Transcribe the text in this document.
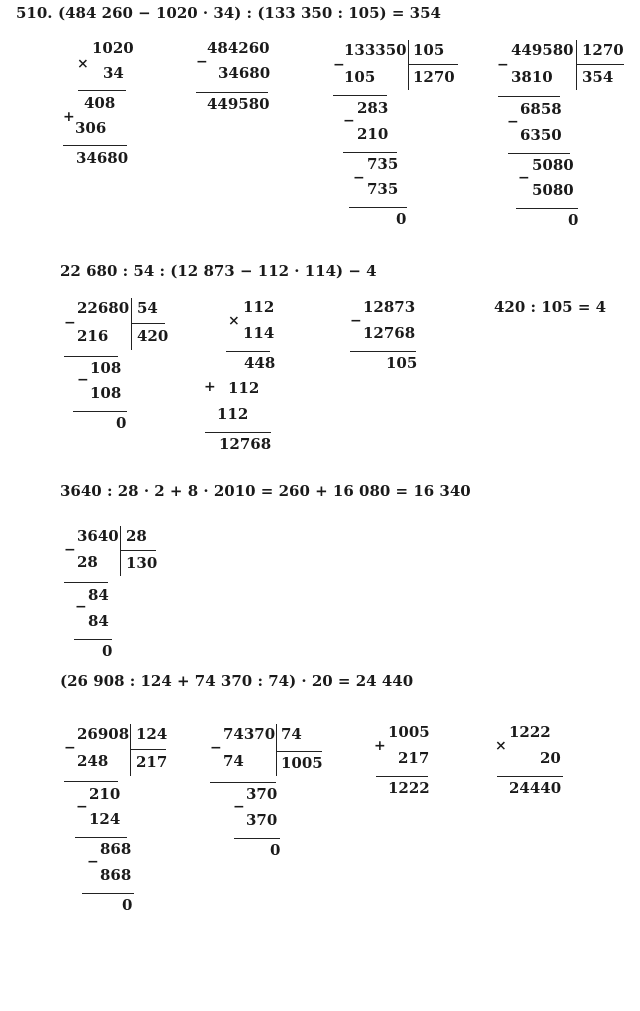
510. (484 260 − 1020 · 34) : (133 350 : 105) = 354
×
1020
34
408
+
306
34680
−
484260
34680
449580
−
133350 105
1270
105
283
−
210
735
−
735
0
−
449580 1270
354
3810
6858
−
6350
5080
−
5080
0
22 680 : 54 : (12 873 − 112 · 114) − 4
−
22680 54
420
216
108
−
108
0
×
112
114
448
+ 112
112
12768
−
12873
12768
105
420 : 105 = 4
3640 : 28 · 2 + 8 · 2010 = 260 + 16 080 = 16 340
−
3640 28
130
28
84
−
84
0
(26 908 : 124 + 74 370 : 74) · 20 = 24 440
−
26908 124
217
248
210
−
124
868
−
868
0
−
74370 74
1005
74
370
−
370
0
+
1005
217
1222
×
1222
20
24440
